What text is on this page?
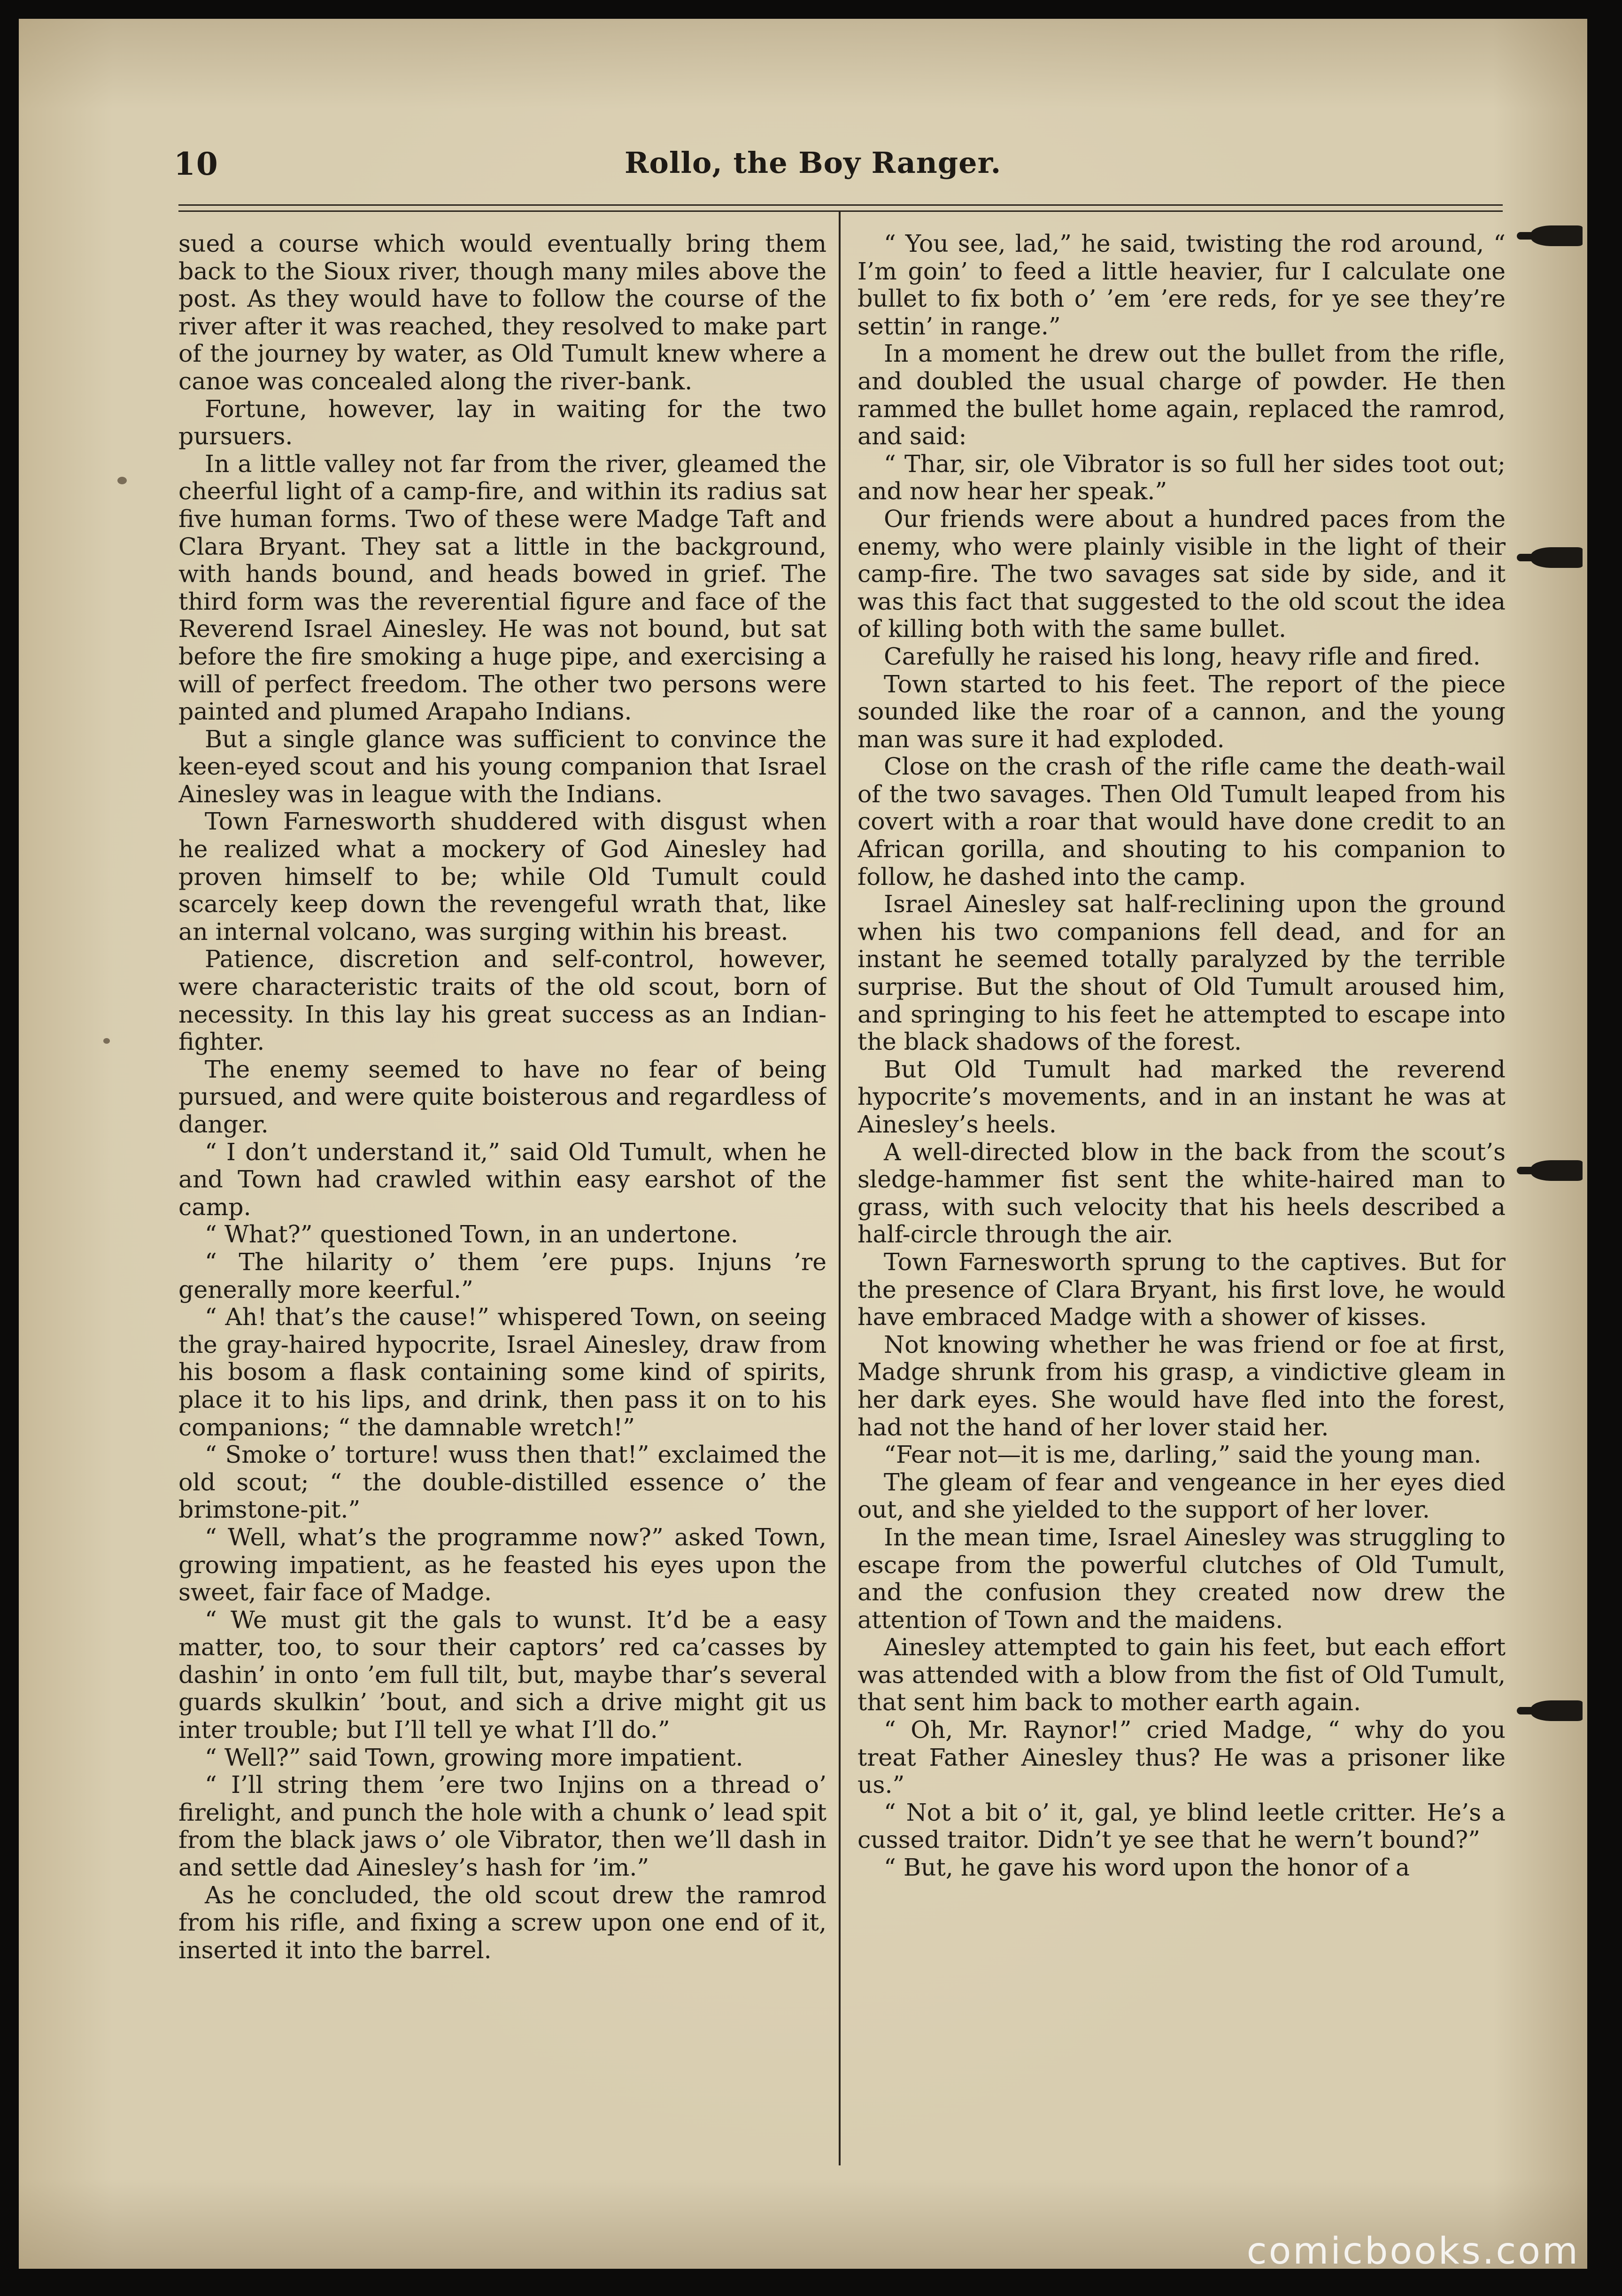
10	Rollo, the Boy Ranger.

sued a course which would eventually bring them back to the Sioux river, though many miles above the post. As they would have to follow the course of the river after it was reached, they resolved to make part of the journey by water, as Old Tumult knew where a canoe was concealed along the river-bank.

Fortune, however, lay in waiting for the two pursuers.

In a little valley not far from the river, gleamed the cheerful light of a camp-fire, and within its radius sat five human forms. Two of these were Madge Taft and Clara Bryant. They sat a little in the background, with hands bound, and heads bowed in grief. The third form was the reverential figure and face of the Reverend Israel Ainesley. He was not bound, but sat before the fire smoking a huge pipe, and exercising a will of perfect freedom. The other two persons were painted and plumed Arapaho Indians.

But a single glance was sufficient to convince the keen-eyed scout and his young companion that Israel Ainesley was in league with the Indians.

Town Farnesworth shuddered with disgust when he realized what a mockery of God Ainesley had proven himself to be; while Old Tumult could scarcely keep down the revengeful wrath that, like an internal volcano, was surging within his breast.

Patience, discretion and self-control, however, were characteristic traits of the old scout, born of necessity. In this lay his great success as an Indian-fighter.

The enemy seemed to have no fear of being pursued, and were quite boisterous and regardless of danger.

“ I don’t understand it,” said Old Tumult, when he and Town had crawled within easy earshot of the camp.

“ What?” questioned Town, in an undertone.

“ The hilarity o’ them ’ere pups. Injuns ’re generally more keerful.”

“ Ah! that’s the cause!” whispered Town, on seeing the gray-haired hypocrite, Israel Ainesley, draw from his bosom a flask containing some kind of spirits, place it to his lips, and drink, then pass it on to his companions; “ the damnable wretch!”

“ Smoke o’ torture! wuss then that!” exclaimed the old scout; “ the double-distilled essence o’ the brimstone-pit.”

“ Well, what’s the programme now?” asked Town, growing impatient, as he feasted his eyes upon the sweet, fair face of Madge.

“ We must git the gals to wunst. It’d be a easy matter, too, to sour their captors’ red ca’casses by dashin’ in onto ’em full tilt, but, maybe thar’s several guards skulkin’ ’bout, and sich a drive might git us inter trouble; but I’ll tell ye what I’ll do.”

“ Well?” said Town, growing more impatient.

“ I’ll string them ’ere two Injins on a thread o’ firelight, and punch the hole with a chunk o’ lead spit from the black jaws o’ ole Vibrator, then we’ll dash in and settle dad Ainesley’s hash for ’im.”

As he concluded, the old scout drew the ramrod from his rifle, and fixing a screw upon one end of it, inserted it into the barrel.

“ You see, lad,” he said, twisting the rod around, “ I’m goin’ to feed a little heavier, fur I calculate one bullet to fix both o’ ’em ’ere reds, for ye see they’re settin’ in range.”

In a moment he drew out the bullet from the rifle, and doubled the usual charge of powder. He then rammed the bullet home again, replaced the ramrod, and said:

“ Thar, sir, ole Vibrator is so full her sides toot out; and now hear her speak.”

Our friends were about a hundred paces from the enemy, who were plainly visible in the light of their camp-fire. The two savages sat side by side, and it was this fact that suggested to the old scout the idea of killing both with the same bullet.

Carefully he raised his long, heavy rifle and fired.

Town started to his feet. The report of the piece sounded like the roar of a cannon, and the young man was sure it had exploded.

Close on the crash of the rifle came the death-wail of the two savages. Then Old Tumult leaped from his covert with a roar that would have done credit to an African gorilla, and shouting to his companion to follow, he dashed into the camp.

Israel Ainesley sat half-reclining upon the ground when his two companions fell dead, and for an instant he seemed totally paralyzed by the terrible surprise. But the shout of Old Tumult aroused him, and springing to his feet he attempted to escape into the black shadows of the forest.

But Old Tumult had marked the reverend hypocrite’s movements, and in an instant he was at Ainesley’s heels.

A well-directed blow in the back from the scout’s sledge-hammer fist sent the white-haired man to grass, with such velocity that his heels described a half-circle through the air.

Town Farnesworth sprung to the captives. But for the presence of Clara Bryant, his first love, he would have embraced Madge with a shower of kisses.

Not knowing whether he was friend or foe at first, Madge shrunk from his grasp, a vindictive gleam in her dark eyes. She would have fled into the forest, had not the hand of her lover staid her.

“Fear not—it is me, darling,” said the young man.

The gleam of fear and vengeance in her eyes died out, and she yielded to the support of her lover.

In the mean time, Israel Ainesley was struggling to escape from the powerful clutches of Old Tumult, and the confusion they created now drew the attention of Town and the maidens.

Ainesley attempted to gain his feet, but each effort was attended with a blow from the fist of Old Tumult, that sent him back to mother earth again.

“ Oh, Mr. Raynor!” cried Madge, “ why do you treat Father Ainesley thus? He was a prisoner like us.”

“ Not a bit o’ it, gal, ye blind leetle critter. He’s a cussed traitor. Didn’t ye see that he wern’t bound?”

“ But, he gave his word upon the honor of a

comicbooks.com
